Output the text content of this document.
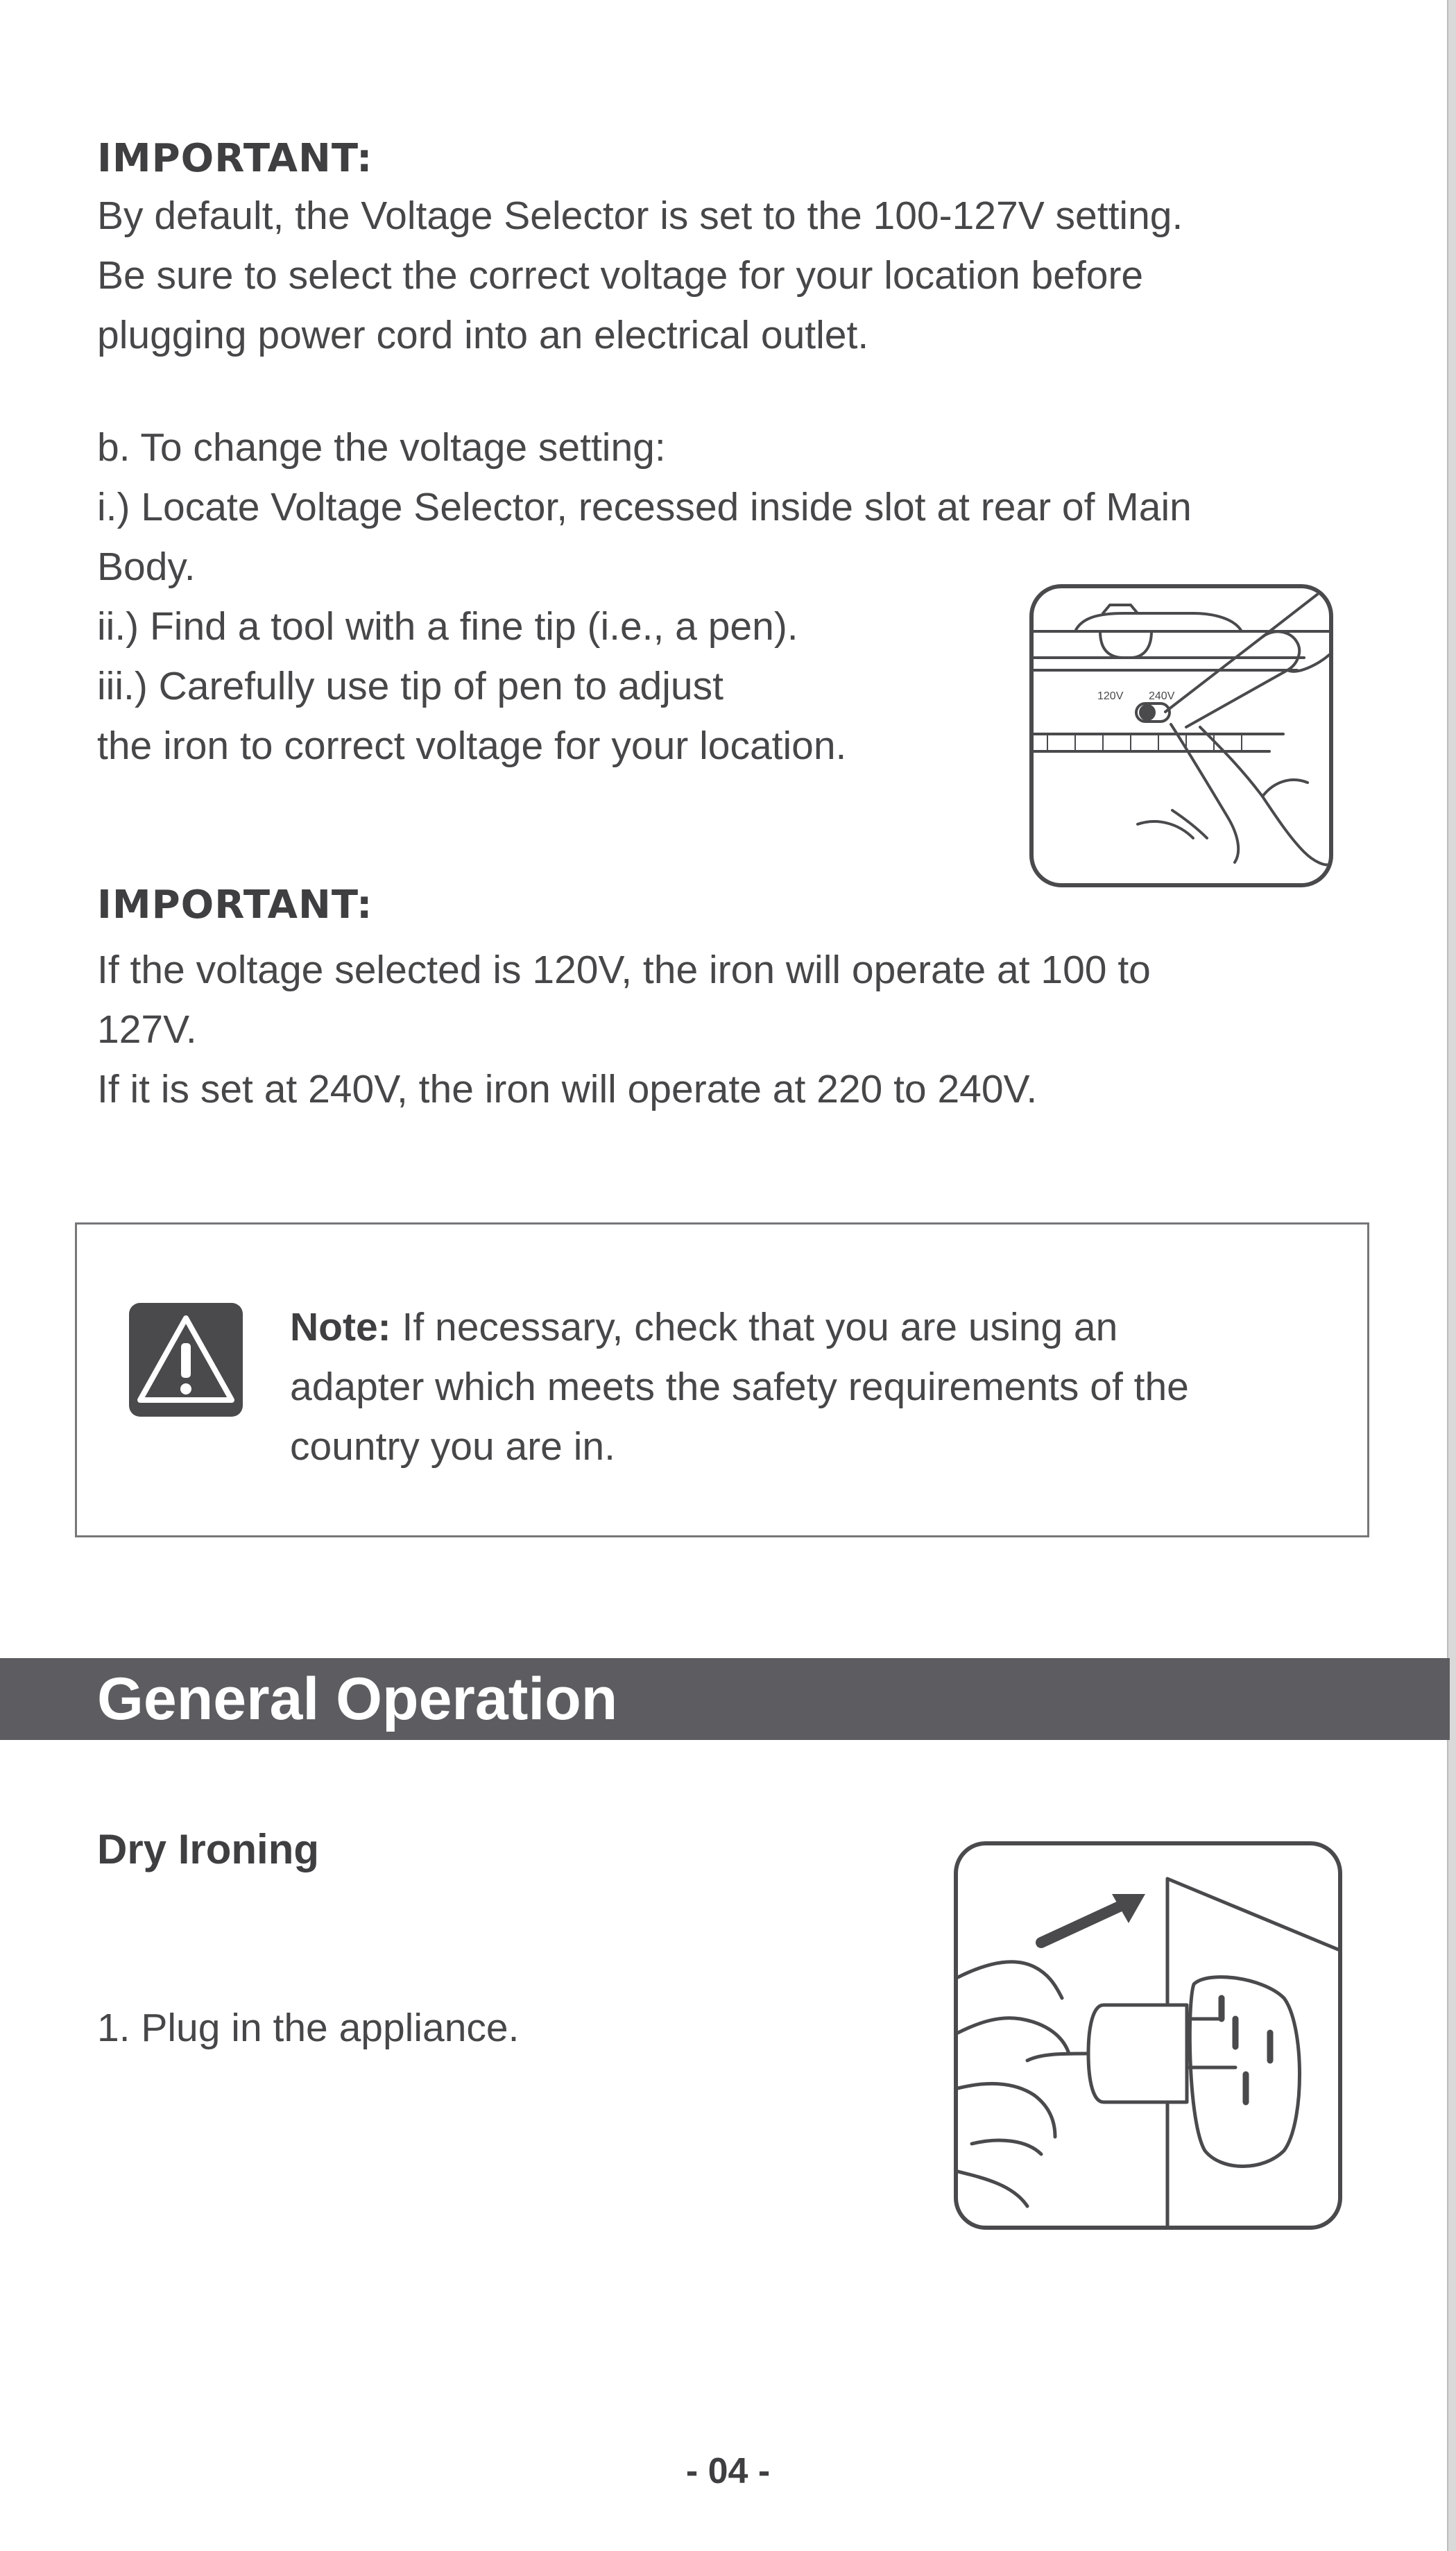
IMPORTANT:
By default, the Voltage Selector is set to the 100-127V setting.
Be sure to select the correct voltage for your location before
plugging power cord into an electrical outlet.
b. To change the voltage setting:
i.) Locate Voltage Selector, recessed inside slot at rear of Main
Body.
ii.) Find a tool with a fine tip (i.e., a pen).
iii.) Carefully use tip of pen to adjust
the iron to correct voltage for your location.
120V 240V
IMPORTANT:
If the voltage selected is 120V, the iron will operate at 100 to
127V.
If it is set at 240V, the iron will operate at 220 to 240V.
Note: If necessary, check that you are using an
adapter which meets the safety requirements of the
country you are in.
General Operation
Dry Ironing
1. Plug in the appliance.
- 04 -
